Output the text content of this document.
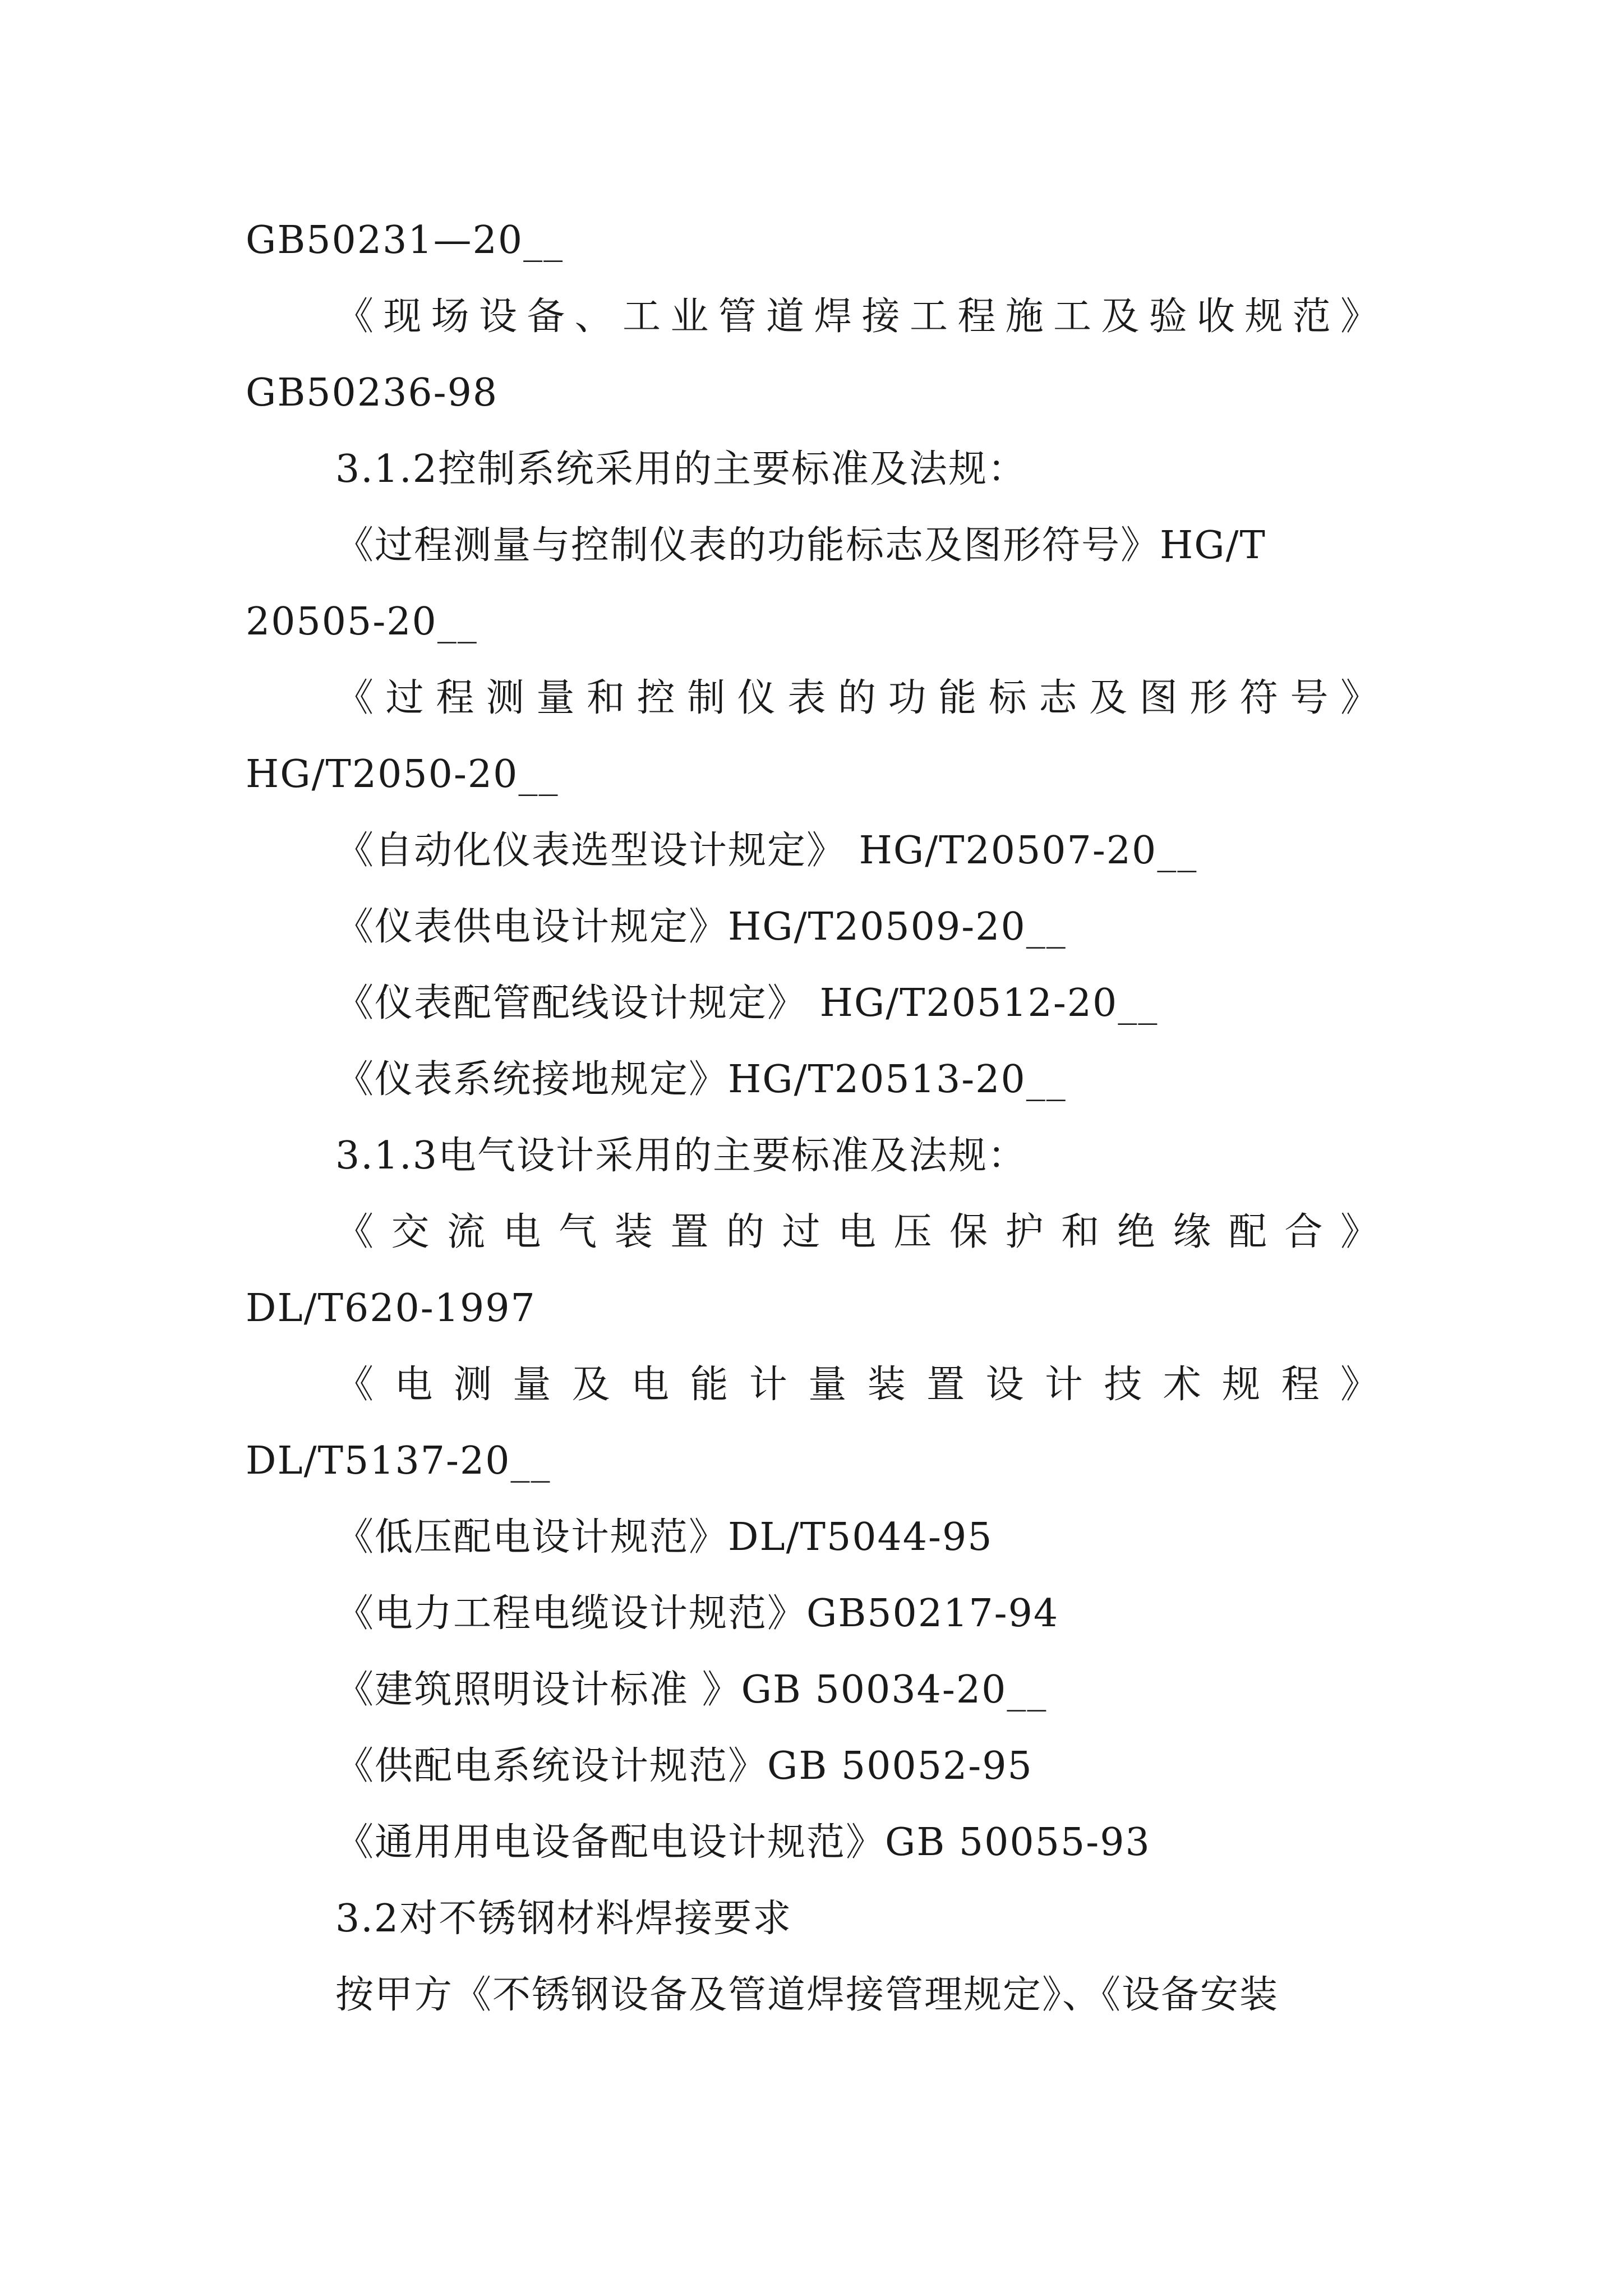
GB50231—20__
《现场设备、工业管道焊接工程施工及验收规范》
GB50236-98
3.1.2控制系统采用的主要标准及法规：
《过程测量与控制仪表的功能标志及图形符号》HG/T
20505-20__
《过程测量和控制仪表的功能标志及图形符号》
HG/T2050-20__
《自动化仪表选型设计规定》 HG/T20507-20__
《仪表供电设计规定》HG/T20509-20__
《仪表配管配线设计规定》 HG/T20512-20__
《仪表系统接地规定》HG/T20513-20__
3.1.3电气设计采用的主要标准及法规：
《交流电气装置的过电压保护和绝缘配合》
DL/T620-1997
《电测量及电能计量装置设计技术规程》
DL/T5137-20__
《低压配电设计规范》DL/T5044-95
《电力工程电缆设计规范》GB50217-94
《建筑照明设计标准 》GB 50034-20__
《供配电系统设计规范》GB 50052-95
《通用用电设备配电设计规范》GB 50055-93
3.2对不锈钢材料焊接要求
按甲方《不锈钢设备及管道焊接管理规定》、《设备安装
